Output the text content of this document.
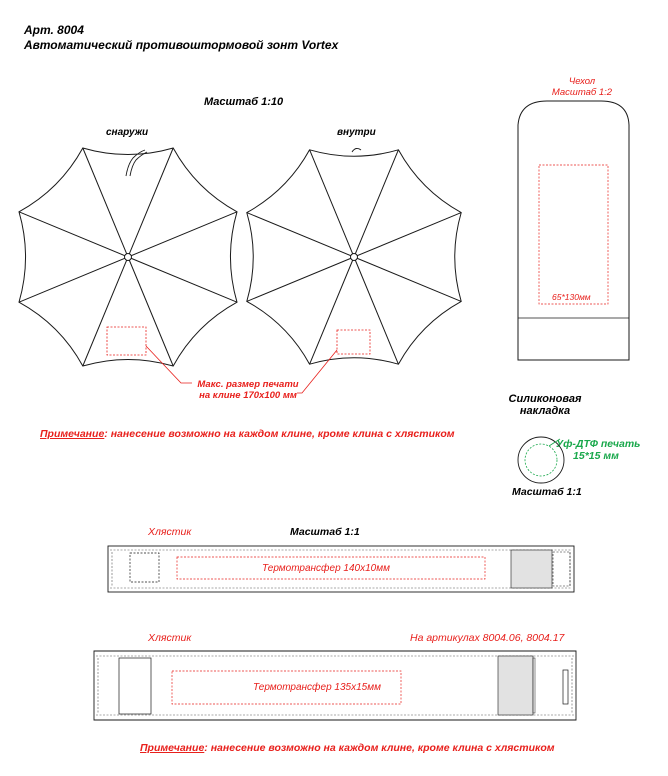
Арт. 8004
Автоматический противоштормовой зонт Vortex
Масштаб 1:10
снаружи	внутри
Макс. размер печати
на клине 170х100 мм
Примечание: нанесение возможно на каждом клине, кроме клина с хлястиком
Чехол
Масштаб 1:2
65*130мм
Силиконовая
накладка
Уф-ДТФ печать
15*15 мм
Масштаб 1:1
Хлястик	Масштаб 1:1
Термотрансфер 140х10мм
Хлястик	На артикулах 8004.06, 8004.17
Термотрансфер 135х15мм
Примечание: нанесение возможно на каждом клине, кроме клина с хлястиком
